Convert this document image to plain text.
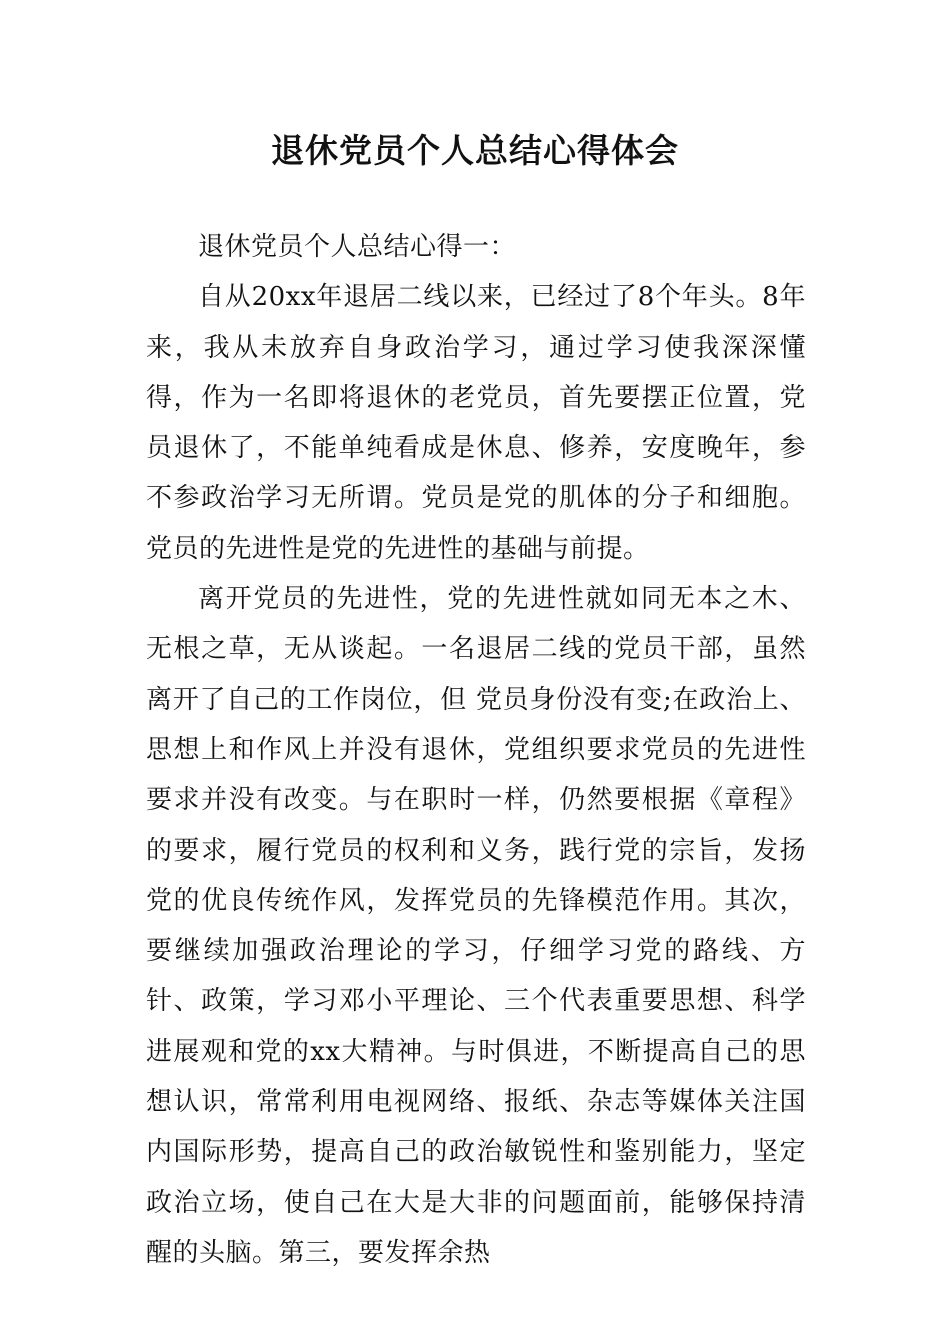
退休党员个人总结心得体会

退休党员个人总结心得一：

自从20xx年退居二线以来，已经过了8个年头。8年来，我从未放弃自身政治学习，通过学习使我深深懂得，作为一名即将退休的老党员，首先要摆正位置，党员退休了，不能单纯看成是休息、修养，安度晚年，参不参政治学习无所谓。党员是党的肌体的分子和细胞。党员的先进性是党的先进性的基础与前提。

离开党员的先进性，党的先进性就如同无本之木、无根之草，无从谈起。一名退居二线的党员干部，虽然离开了自己的工作岗位，但 党员身份没有变;在政治上、思想上和作风上并没有退休，党组织要求党员的先进性要求并没有改变。与在职时一样，仍然要根据《章程》的要求，履行党员的权利和义务，践行党的宗旨，发扬党的优良传统作风，发挥党员的先锋模范作用。其次，要继续加强政治理论的学习，仔细学习党的路线、方针、政策，学习邓小平理论、三个代表重要思想、科学进展观和党的xx大精神。与时俱进，不断提高自己的思想认识，常常利用电视网络、报纸、杂志等媒体关注国内国际形势，提高自己的政治敏锐性和鉴别能力，坚定政治立场，使自己在大是大非的问题面前，能够保持清醒的头脑。第三，要发挥余热
